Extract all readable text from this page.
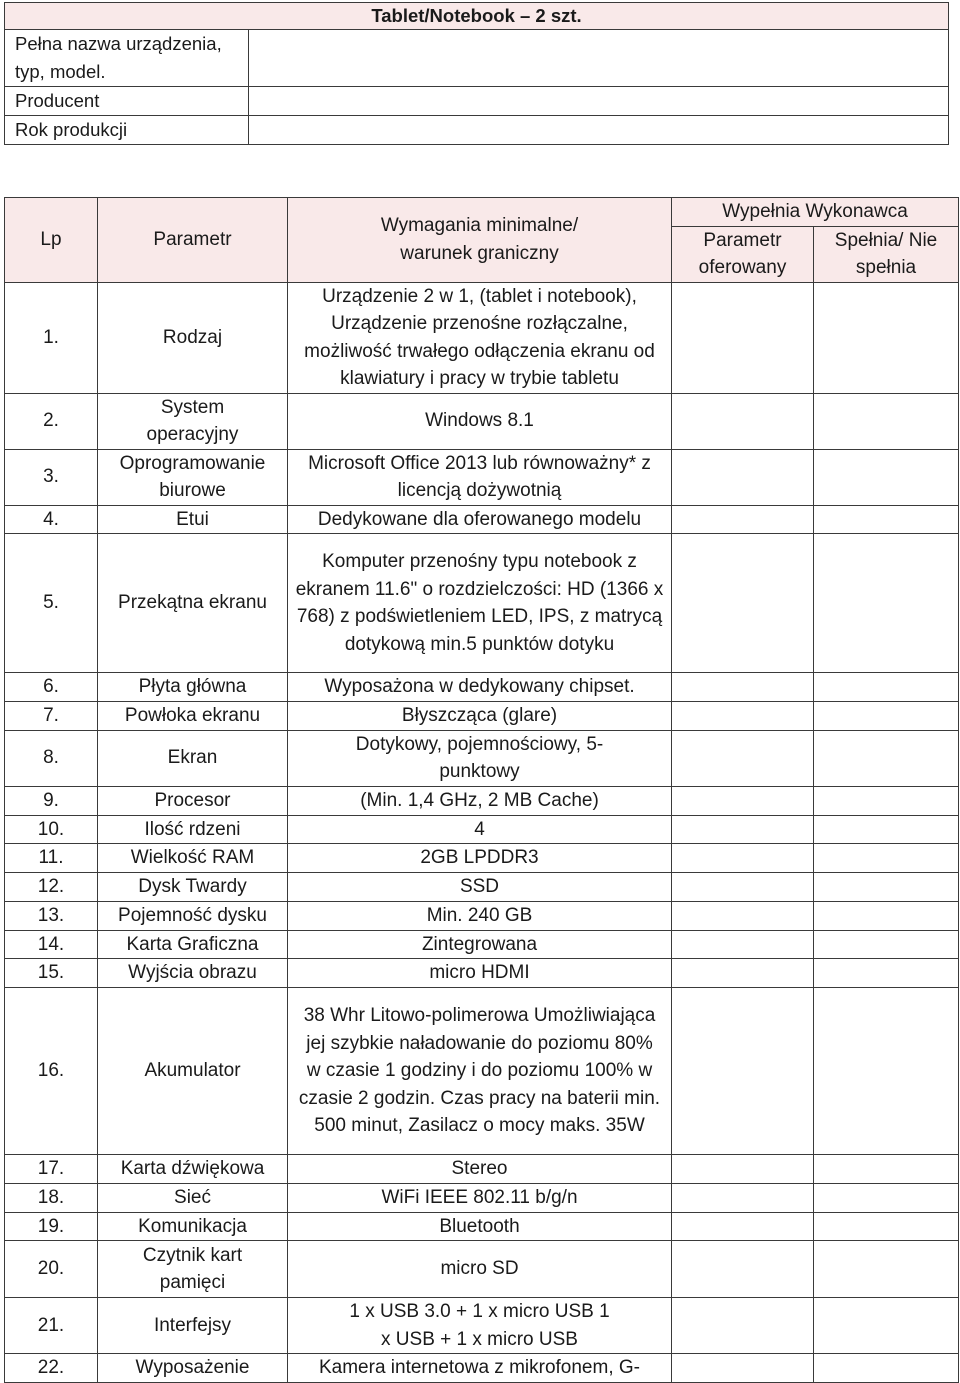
Tablet/Notebook – 2 szt.	
Pełna nazwa urządzenia, typ, model.	
Producent	
Rok produkcji	
Lp	Parametr	Wymagania minimalne/ warunek graniczny	Wypełnia Wykonawca	
			Parametr oferowany	Spełnia/ Nie spełnia
1.	Rodzaj	Urządzenie 2 w 1, (tablet i notebook), Urządzenie przenośne rozłączalne, możliwość trwałego odłączenia ekranu od klawiatury i pracy w trybie tabletu		
2.	System operacyjny	Windows 8.1		
3.	Oprogramowanie biurowe	Microsoft Office 2013 lub równoważny* z licencją dożywotnią		
4.	Etui	Dedykowane dla oferowanego modelu		
5.	Przekątna ekranu	Komputer przenośny typu notebook z ekranem 11.6" o rozdzielczości: HD (1366 x 768) z podświetleniem LED, IPS, z matrycą dotykową min.5 punktów dotyku		
6.	Płyta główna	Wyposażona w dedykowany chipset.		
7.	Powłoka ekranu	Błyszcząca (glare)		
8.	Ekran	Dotykowy, pojemnościowy, 5-punktowy		
9.	Procesor	(Min. 1,4 GHz, 2 MB Cache)		
10.	Ilość rdzeni	4		
11.	Wielkość RAM	2GB LPDDR3		
12.	Dysk Twardy	SSD		
13.	Pojemność dysku	Min. 240 GB		
14.	Karta Graficzna	Zintegrowana		
15.	Wyjścia obrazu	micro HDMI		
16.	Akumulator	38 Whr Litowo-polimerowa Umożliwiająca jej szybkie naładowanie do poziomu 80% w czasie 1 godziny i do poziomu 100% w czasie 2 godzin. Czas pracy na baterii min. 500 minut, Zasilacz o mocy maks. 35W		
17.	Karta dźwiękowa	Stereo		
18.	Sieć	WiFi IEEE 802.11 b/g/n		
19.	Komunikacja	Bluetooth		
20.	Czytnik kart pamięci	micro SD		
21.	Interfejsy	1 x USB 3.0 + 1 x micro USB 1 x USB + 1 x micro USB		
22.	Wyposażenie	Kamera internetowa z mikrofonem, G-		
